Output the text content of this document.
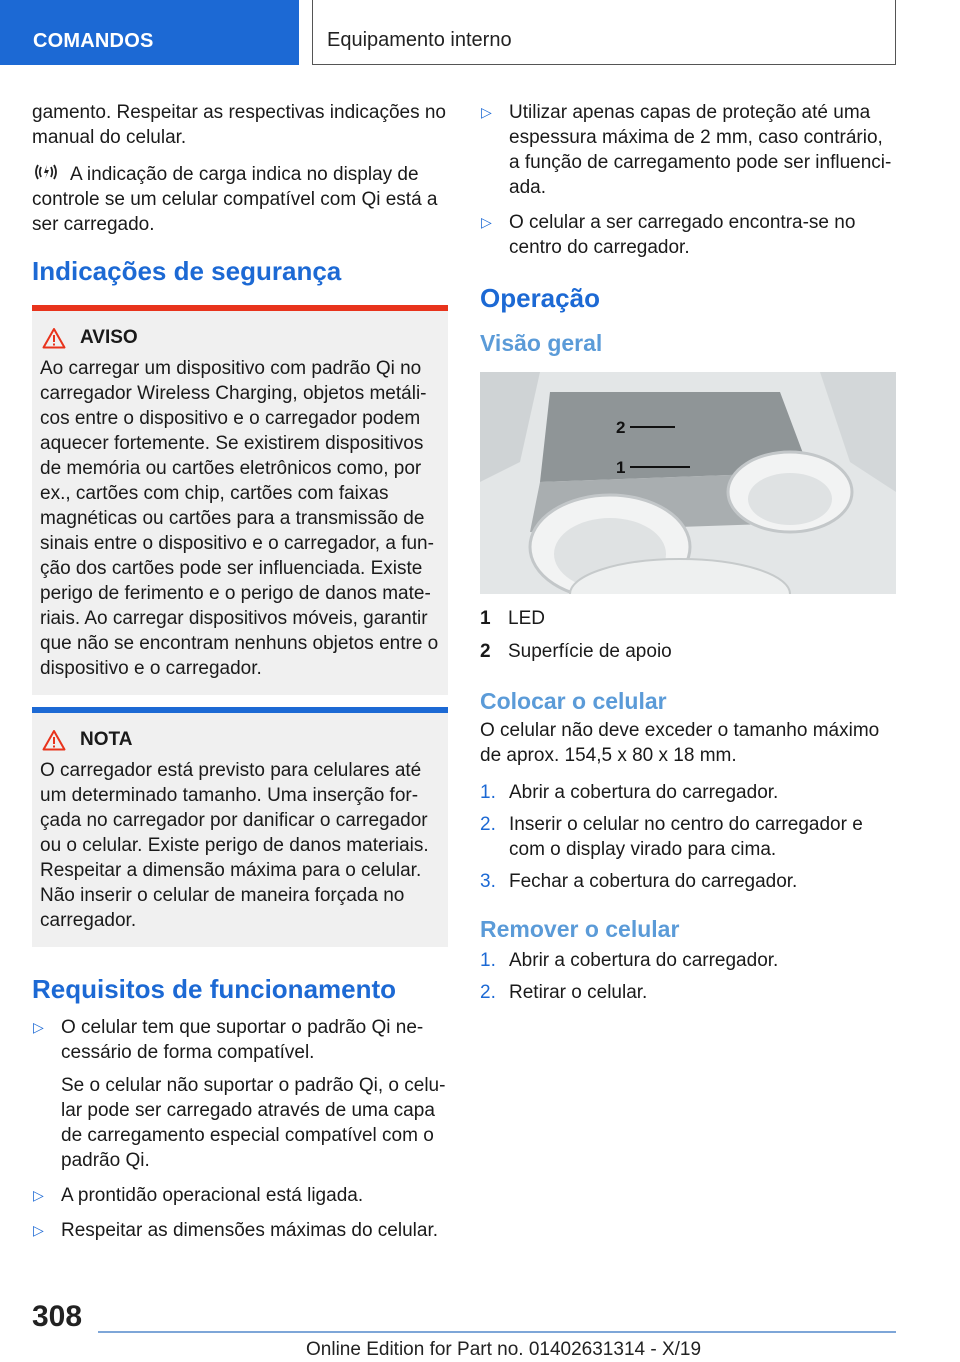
COMANDOS	Equipamento interno

gamento. Respeitar as respectivas indicações no manual do celular.

A indicação de carga indica no display de controle se um celular compatível com Qi está a ser carregado.

Indicações de segurança
AVISO
Ao carregar um dispositivo com padrão Qi no carregador Wireless Charging, objetos metálicos entre o dispositivo e o carregador podem aquecer fortemente. Se existirem dispositivos de memória ou cartões eletrônicos como, por ex., cartões com chip, cartões com faixas magnéticas ou cartões para a transmissão de sinais entre o dispositivo e o carregador, a função dos cartões pode ser influenciada. Existe perigo de ferimento e o perigo de danos materiais. Ao carregar dispositivos móveis, garantir que não se encontram nenhuns objetos entre o dispositivo e o carregador.
NOTA
O carregador está previsto para celulares até um determinado tamanho. Uma inserção forçada no carregador por danificar o carregador ou o celular. Existe perigo de danos materiais. Respeitar a dimensão máxima para o celular. Não inserir o celular de maneira forçada no carregador.
Requisitos de funcionamento
▷ O celular tem que suportar o padrão Qi necessário de forma compatível.
Se o celular não suportar o padrão Qi, o celular pode ser carregado através de uma capa de carregamento especial compatível com o padrão Qi.
▷ A prontidão operacional está ligada.
▷ Respeitar as dimensões máximas do celular.
▷ Utilizar apenas capas de proteção até uma espessura máxima de 2 mm, caso contrário, a função de carregamento pode ser influenciada.
▷ O celular a ser carregado encontra-se no centro do carregador.
Operação
Visão geral
2
1
1 LED
2 Superfície de apoio
Colocar o celular

O celular não deve exceder o tamanho máximo de aprox. 154,5 x 80 x 18 mm.

1. Abrir a cobertura do carregador.
2. Inserir o celular no centro do carregador e com o display virado para cima.
3. Fechar a cobertura do carregador.
Remover o celular
1. Abrir a cobertura do carregador.
2. Retirar o celular.
308
Online Edition for Part no. 01402631314 - X/19
